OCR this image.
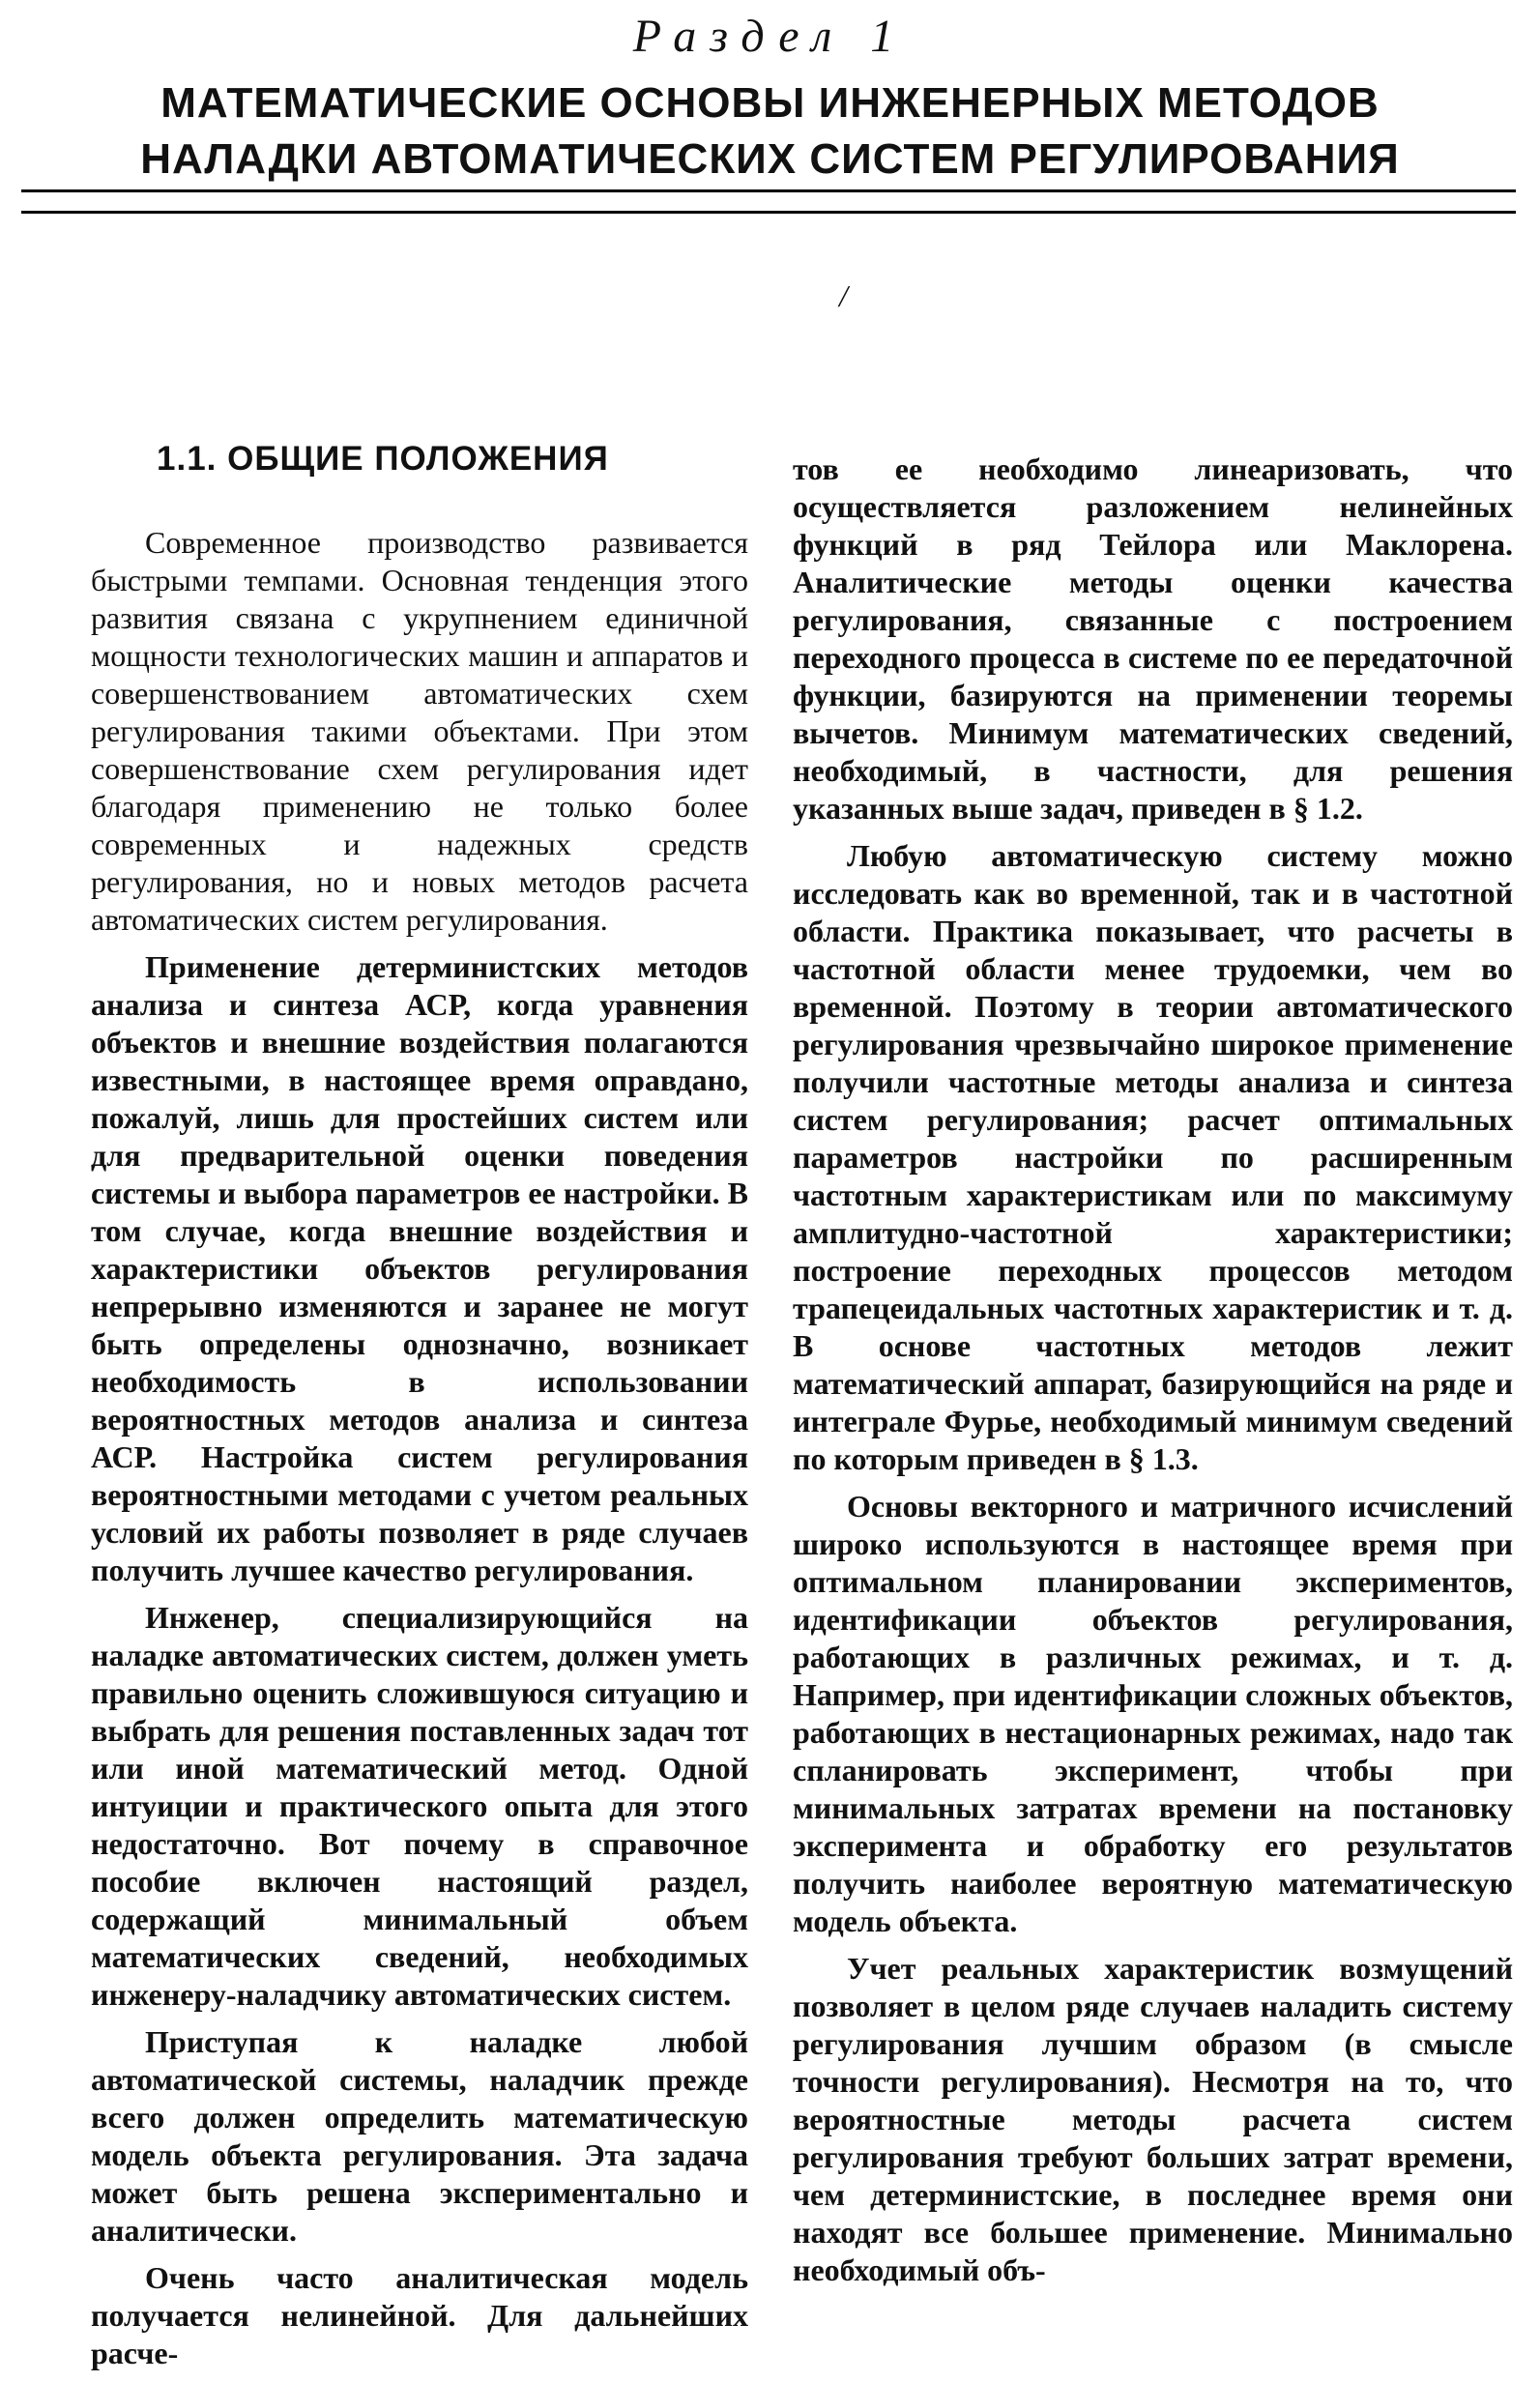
Раздел 1
МАТЕМАТИЧЕСКИЕ ОСНОВЫ ИНЖЕНЕРНЫХ МЕТОДОВ
НАЛАДКИ АВТОМАТИЧЕСКИХ СИСТЕМ РЕГУЛИРОВАНИЯ
/
1.1. ОБЩИЕ ПОЛОЖЕНИЯ

Современное производство развивается быстрыми темпами. Основная тенденция этого развития связана с укрупнением единичной мощности технологических машин и аппаратов и совершенствованием автоматических схем регулирования такими объектами. При этом совершенствование схем регулирования идет благодаря применению не только более современных и надежных средств регулирования, но и новых методов расчета автоматических систем регулирования.

Применение детерминистских методов анализа и синтеза АСР, когда уравнения объектов и внешние воздействия полагаются известными, в настоящее время оправдано, пожалуй, лишь для простейших систем или для предварительной оценки поведения системы и выбора параметров ее настройки. В том случае, когда внешние воздействия и характеристики объектов регулирования непрерывно изменяются и заранее не могут быть определены однозначно, возникает необходимость в использовании вероятностных методов анализа и синтеза АСР. Настройка систем регулирования вероятностными методами с учетом реальных условий их работы позволяет в ряде случаев получить лучшее качество регулирования.

Инженер, специализирующийся на наладке автоматических систем, должен уметь правильно оценить сложившуюся ситуацию и выбрать для решения поставленных задач тот или иной математический метод. Одной интуиции и практического опыта для этого недостаточно. Вот почему в справочное пособие включен настоящий раздел, содержащий минимальный объем математических сведений, необходимых инженеру-наладчику автоматических систем.

Приступая к наладке любой автоматической системы, наладчик прежде всего должен определить математическую модель объекта регулирования. Эта задача может быть решена экспериментально и аналитически.

Очень часто аналитическая модель получается нелинейной. Для дальнейших расче-

тов ее необходимо линеаризовать, что осуществляется разложением нелинейных функций в ряд Тейлора или Маклорена. Аналитические методы оценки качества регулирования, связанные с построением переходного процесса в системе по ее передаточной функции, базируются на применении теоремы вычетов. Минимум математических сведений, необходимый, в частности, для решения указанных выше задач, приведен в § 1.2.

Любую автоматическую систему можно исследовать как во временной, так и в частотной области. Практика показывает, что расчеты в частотной области менее трудоемки, чем во временной. Поэтому в теории автоматического регулирования чрезвычайно широкое применение получили частотные методы анализа и синтеза систем регулирования; расчет оптимальных параметров настройки по расширенным частотным характеристикам или по максимуму амплитудно-частотной характеристики; построение переходных процессов методом трапецеидальных частотных характеристик и т. д. В основе частотных методов лежит математический аппарат, базирующийся на ряде и интеграле Фурье, необходимый минимум сведений по которым приведен в § 1.3.

Основы векторного и матричного исчислений широко используются в настоящее время при оптимальном планировании экспериментов, идентификации объектов регулирования, работающих в различных режимах, и т. д. Например, при идентификации сложных объектов, работающих в нестационарных режимах, надо так спланировать эксперимент, чтобы при минимальных затратах времени на постановку эксперимента и обработку его результатов получить наиболее вероятную математическую модель объекта.

Учет реальных характеристик возмущений позволяет в целом ряде случаев наладить систему регулирования лучшим образом (в смысле точности регулирования). Несмотря на то, что вероятностные методы расчета систем регулирования требуют больших затрат времени, чем детерминистские, в последнее время они находят все большее применение. Минимально необходимый объ-
